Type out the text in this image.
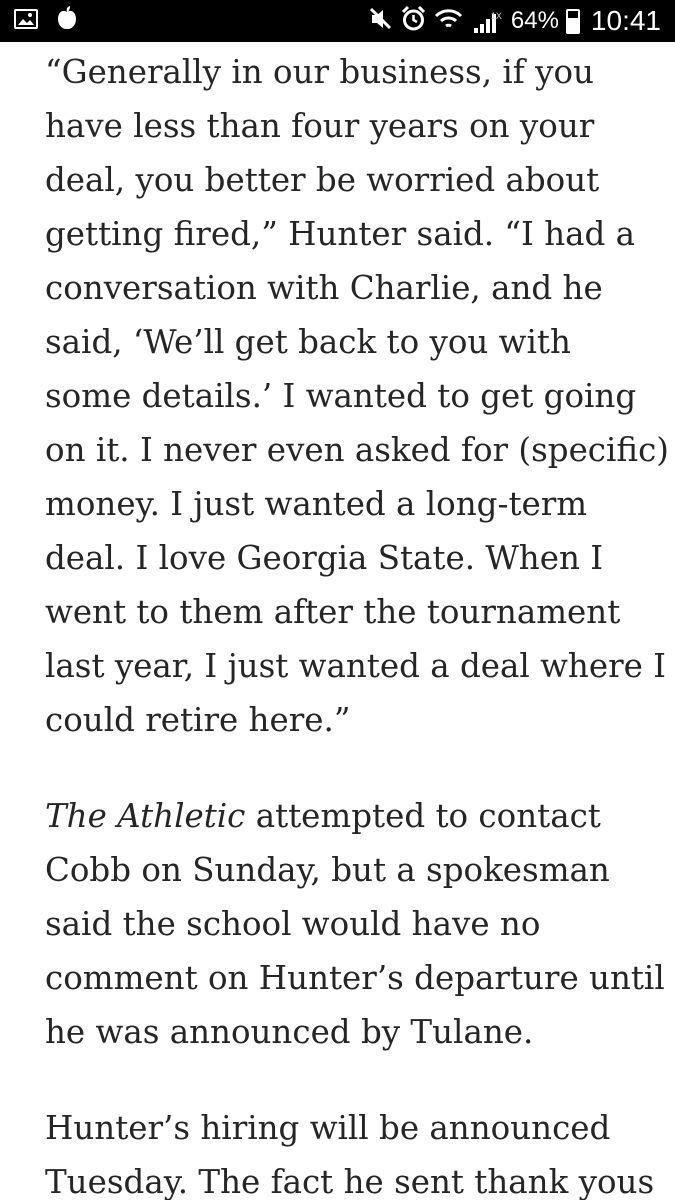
1X 64% 10:41

“Generally in our business, if you
have less than four years on your
deal, you better be worried about
getting fired,” Hunter said. “I had a
conversation with Charlie, and he
said, ‘We’ll get back to you with
some details.’ I wanted to get going
on it. I never even asked for (specific)
money. I just wanted a long-term
deal. I love Georgia State. When I
went to them after the tournament
last year, I just wanted a deal where I
could retire here.”

The Athletic attempted to contact
Cobb on Sunday, but a spokesman
said the school would have no
comment on Hunter’s departure until
he was announced by Tulane.

Hunter’s hiring will be announced
Tuesday. The fact he sent thank yous
